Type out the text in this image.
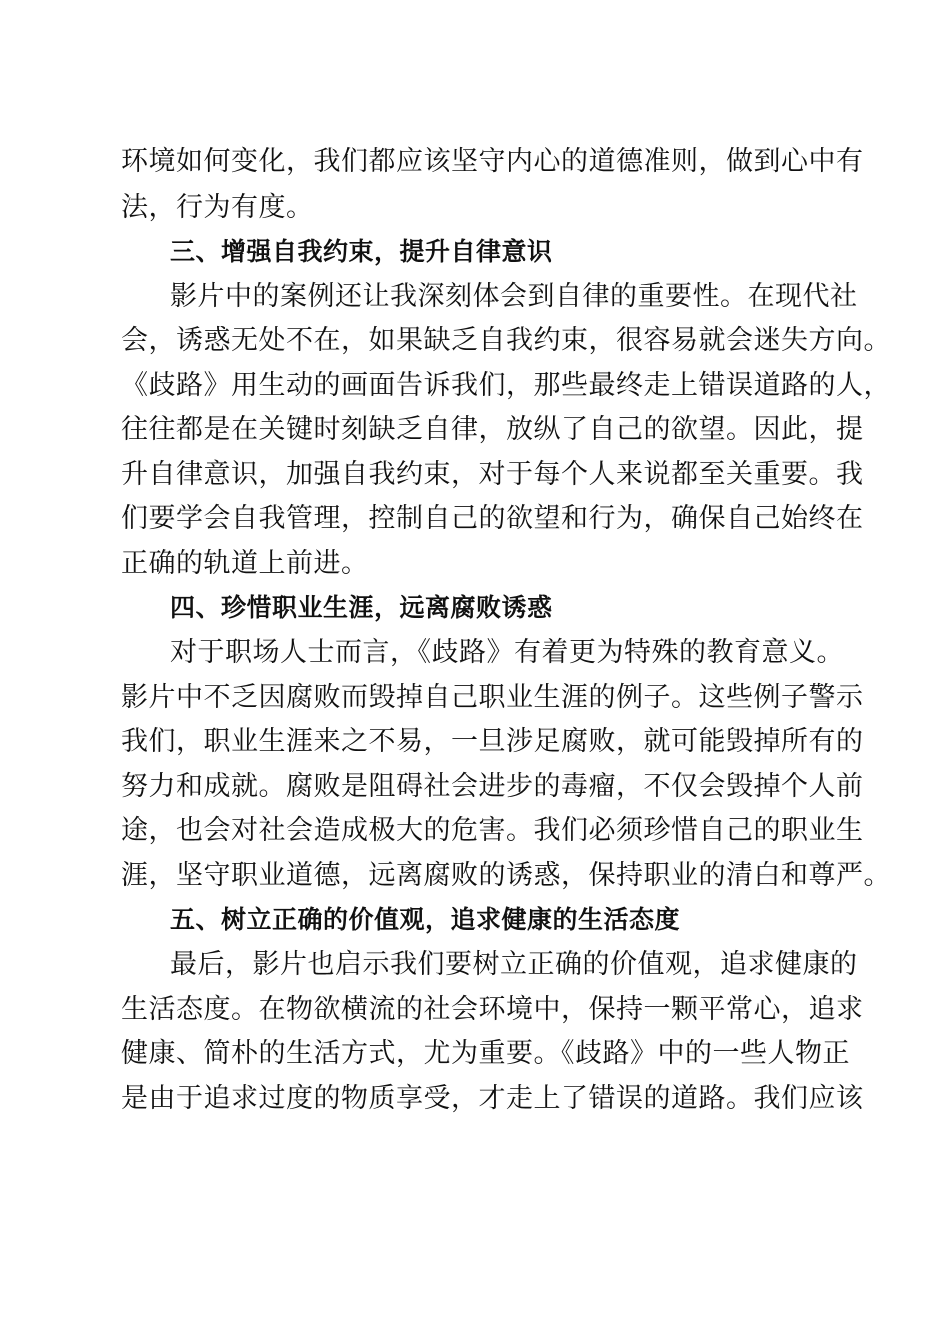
环境如何变化，我们都应该坚守内心的道德准则，做到心中有
法，行为有度。
三、增强自我约束，提升自律意识
影片中的案例还让我深刻体会到自律的重要性。在现代社
会，诱惑无处不在，如果缺乏自我约束，很容易就会迷失方向。
《歧路》用生动的画面告诉我们，那些最终走上错误道路的人，
往往都是在关键时刻缺乏自律，放纵了自己的欲望。因此，提
升自律意识，加强自我约束，对于每个人来说都至关重要。我
们要学会自我管理，控制自己的欲望和行为，确保自己始终在
正确的轨道上前进。
四、珍惜职业生涯，远离腐败诱惑
对于职场人士而言，《歧路》有着更为特殊的教育意义。
影片中不乏因腐败而毁掉自己职业生涯的例子。这些例子警示
我们，职业生涯来之不易，一旦涉足腐败，就可能毁掉所有的
努力和成就。腐败是阻碍社会进步的毒瘤，不仅会毁掉个人前
途，也会对社会造成极大的危害。我们必须珍惜自己的职业生
涯，坚守职业道德，远离腐败的诱惑，保持职业的清白和尊严。
五、树立正确的价值观，追求健康的生活态度
最后，影片也启示我们要树立正确的价值观，追求健康的
生活态度。在物欲横流的社会环境中，保持一颗平常心，追求
健康、简朴的生活方式，尤为重要。《歧路》中的一些人物正
是由于追求过度的物质享受，才走上了错误的道路。我们应该
